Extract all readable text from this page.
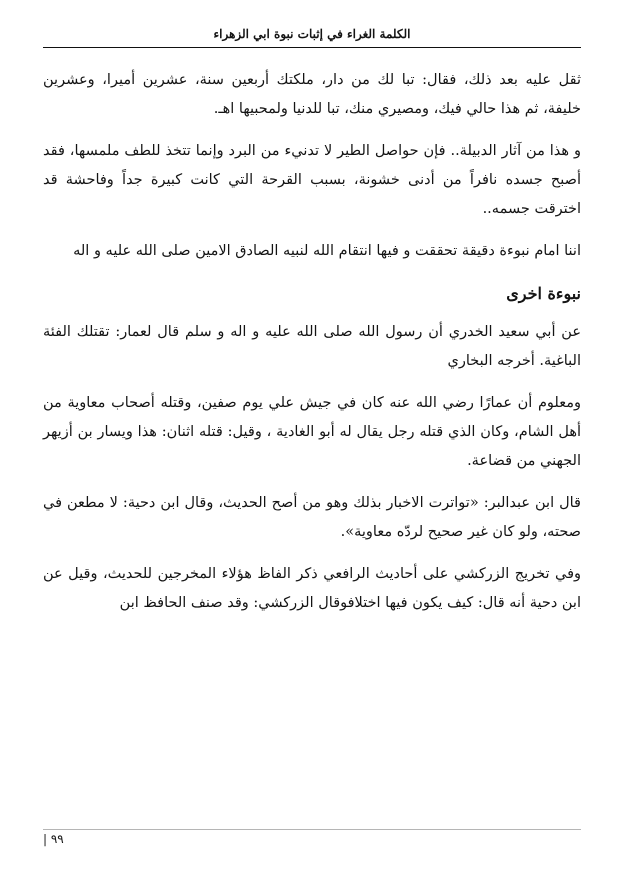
الكلمة الغراء في إثبات نبوة ابي الزهراء

ثقل عليه بعد ذلك، فقال: تبا لك من دار، ملكتك أربعين سنة، عشرين أميرا، وعشرين خليفة، ثم هذا حالي فيك، ومصيري منك، تبا للدنيا ولمحبيها اهـ.

و هذا من آثار الدبيلة.. فإن حواصل الطير لا تدنيء من البرد وإنما تتخذ للطف ملمسها، فقد أصبح جسده نافراً من أدنى خشونة، بسبب القرحة التي كانت كبيرة جداً وفاحشة قد اخترقت جسمه..

اننا امام نبوءة دقيقة تحققت و فيها انتقام الله لنبيه الصادق الامين صلى الله عليه و اله

نبوءة اخرى

عن أبي سعيد الخدري أن رسول الله صلى الله عليه و اله و سلم قال لعمار: تقتلك الفئة الباغية. أخرجه البخاري

ومعلوم أن عمارًا رضي الله عنه كان في جيش علي يوم صفين، وقتله أصحاب معاوية من أهل الشام، وكان الذي قتله رجل يقال له أبو الغادية ، وقيل: قتله اثنان: هذا ويسار بن أزيهر الجهني من قضاعة.

قال ابن عبدالبر: «تواترت الاخبار بذلك وهو من أصح الحديث، وقال ابن دحية: لا مطعن في صحته، ولو كان غير صحيح لردّه معاوية».

وفي تخريج الزركشي على أحاديث الرافعي ذكر الفاظ هؤلاء المخرجين للحديث، وقيل عن ابن دحية أنه قال: كيف يكون فيها اختلافوقال الزركشي: وقد صنف الحافظ ابن

٩٩ |
